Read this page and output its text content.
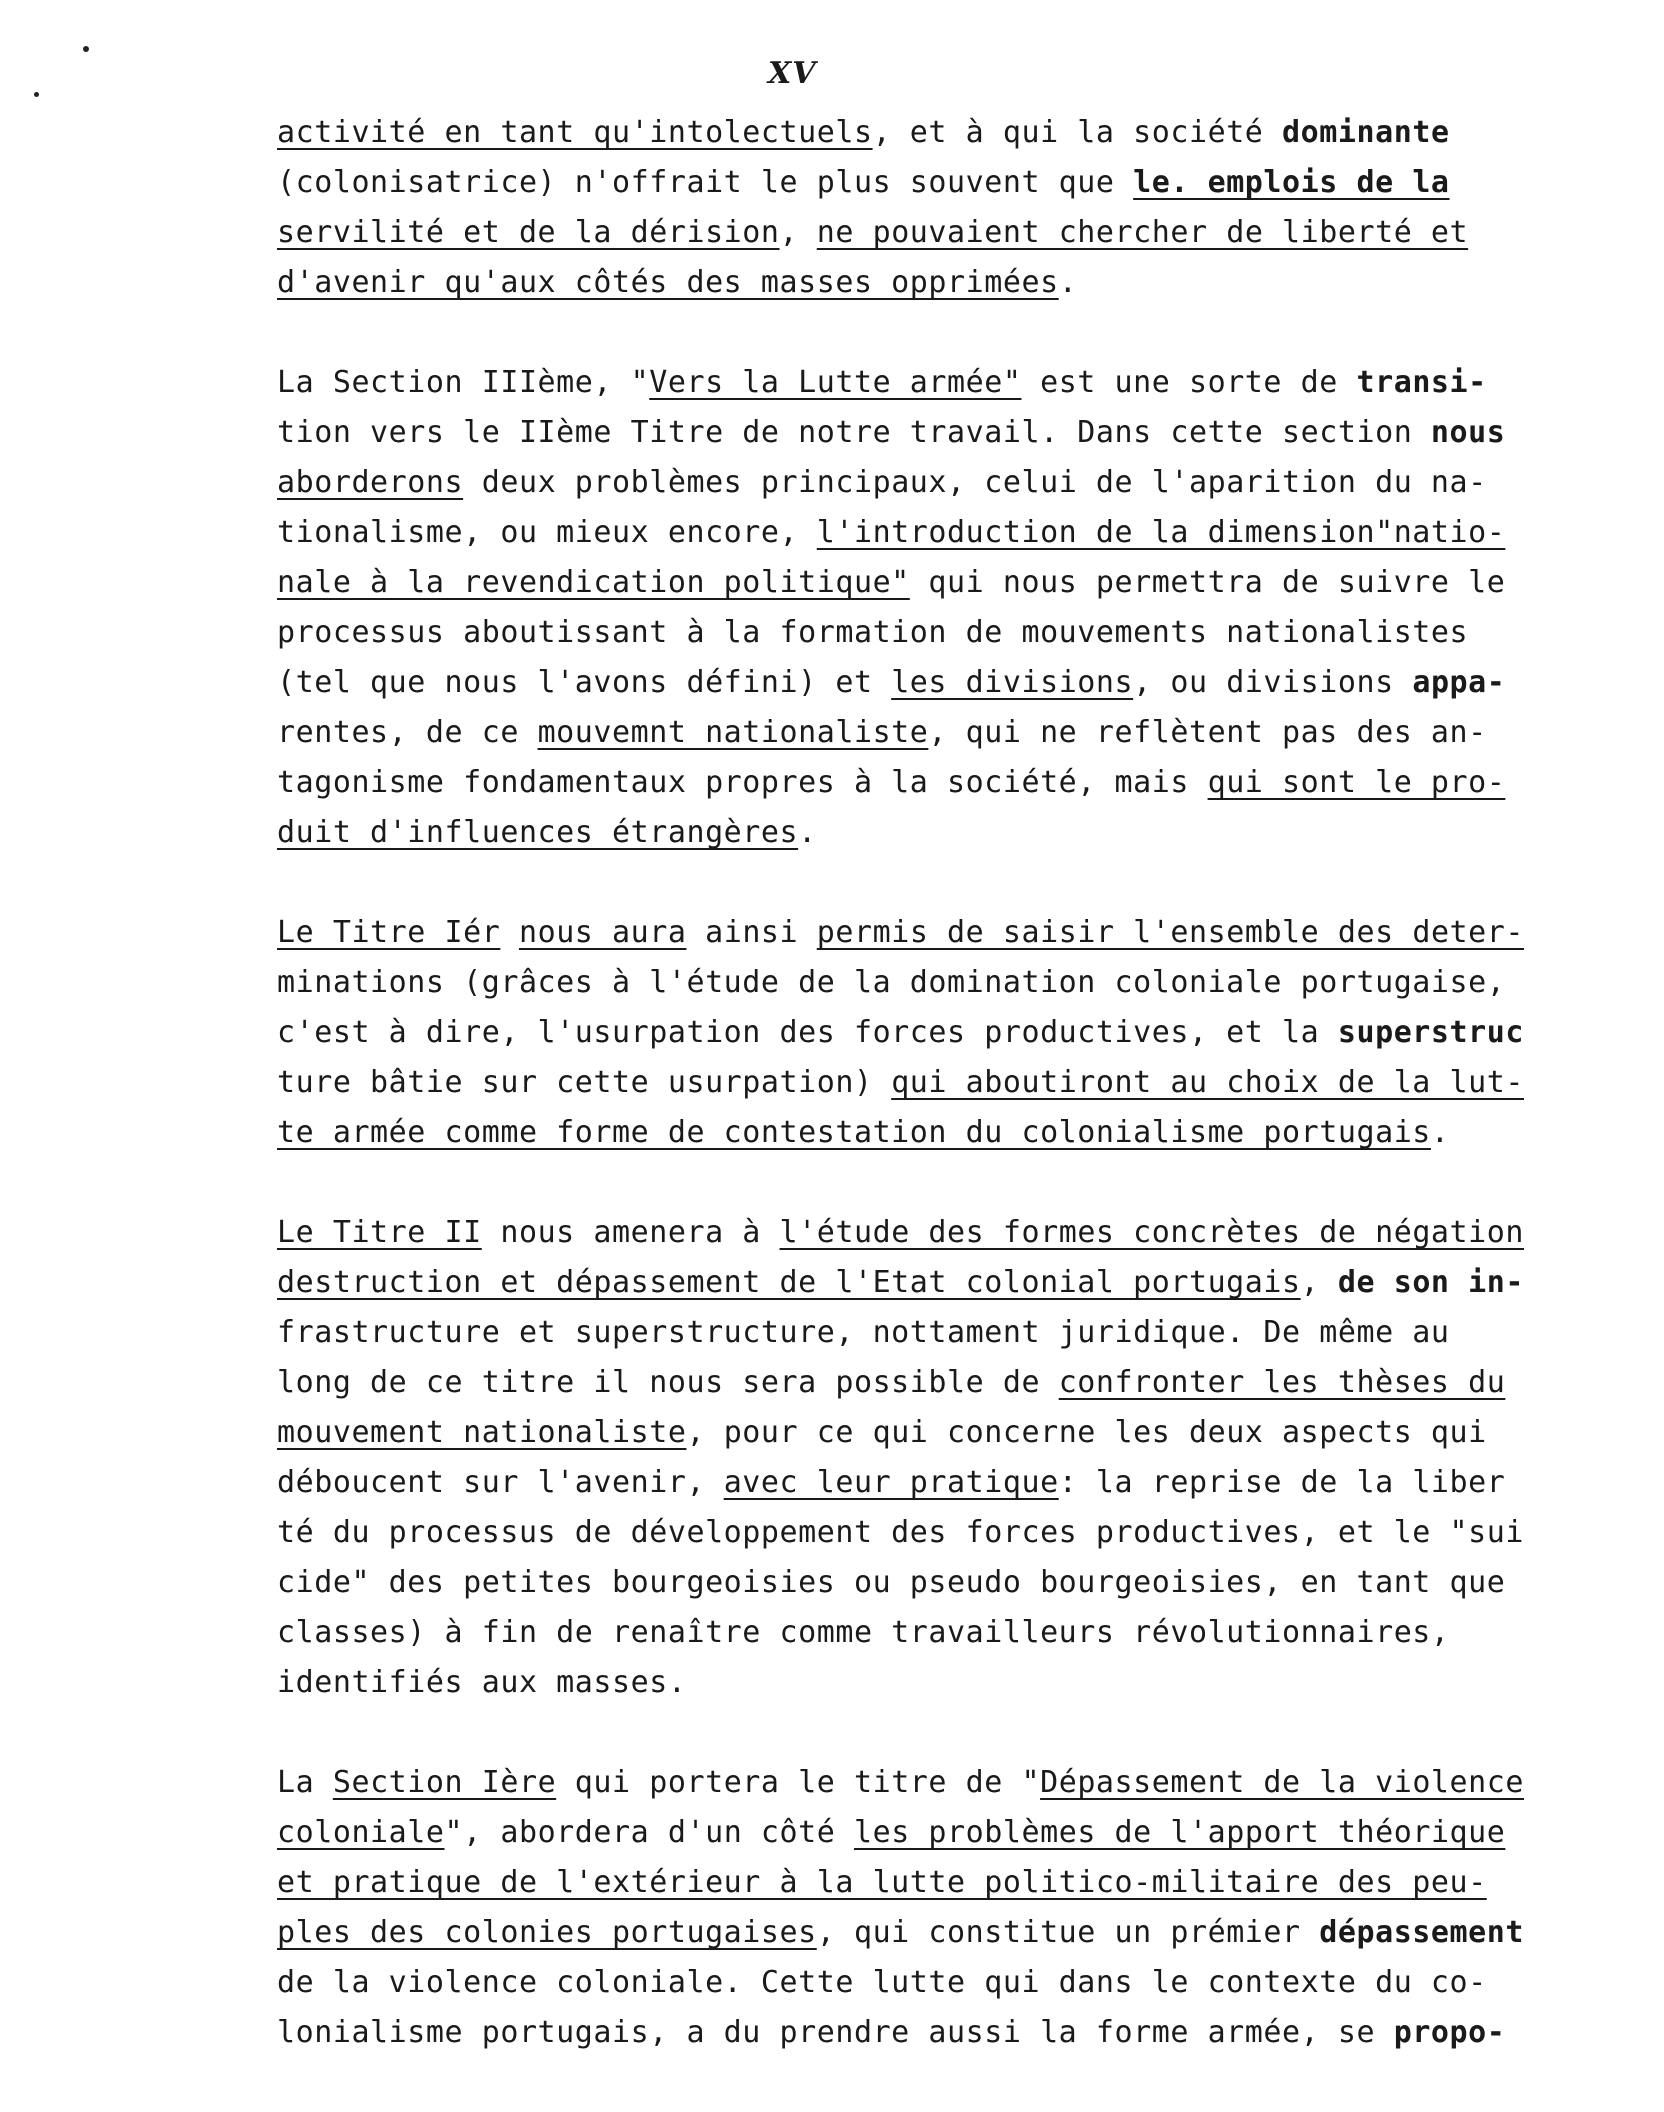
XV
activité en tant qu'intolectuels, et à qui la société dominante
(colonisatrice) n'offrait le plus souvent que le. emplois de la
servilité et de la dérision, ne pouvaient chercher de liberté et
d'avenir qu'aux côtés des masses opprimées.
La Section IIIème, "Vers la Lutte armée" est une sorte de transi-
tion vers le IIème Titre de notre travail. Dans cette section nous
aborderons deux problèmes principaux, celui de l'aparition du na-
tionalisme, ou mieux encore, l'introduction de la dimension"natio-
nale à la revendication politique" qui nous permettra de suivre le
processus aboutissant à la formation de mouvements nationalistes
(tel que nous l'avons défini) et les divisions, ou divisions appa-
rentes, de ce mouvemnt nationaliste, qui ne reflètent pas des an-
tagonisme fondamentaux propres à la société, mais qui sont le pro-
duit d'influences étrangères.
Le Titre Iér nous aura ainsi permis de saisir l'ensemble des deter-
minations (grâces à l'étude de la domination coloniale portugaise,
c'est à dire, l'usurpation des forces productives, et la superstruc
ture bâtie sur cette usurpation) qui aboutiront au choix de la lut-
te armée comme forme de contestation du colonialisme portugais.
Le Titre II nous amenera à l'étude des formes concrètes de négation
destruction et dépassement de l'Etat colonial portugais, de son in-
frastructure et superstructure, nottament juridique. De même au
long de ce titre il nous sera possible de confronter les thèses du
mouvement nationaliste, pour ce qui concerne les deux aspects qui
déboucent sur l'avenir, avec leur pratique: la reprise de la liber
té du processus de développement des forces productives, et le "sui
cide" des petites bourgeoisies ou pseudo bourgeoisies, en tant que
classes) à fin de renaître comme travailleurs révolutionnaires,
identifiés aux masses.
La Section Ière qui portera le titre de "Dépassement de la violence
coloniale", abordera d'un côté les problèmes de l'apport théorique
et pratique de l'extérieur à la lutte politico-militaire des peu-
ples des colonies portugaises, qui constitue un prémier dépassement
de la violence coloniale. Cette lutte qui dans le contexte du co-
lonialisme portugais, a du prendre aussi la forme armée, se propo-
